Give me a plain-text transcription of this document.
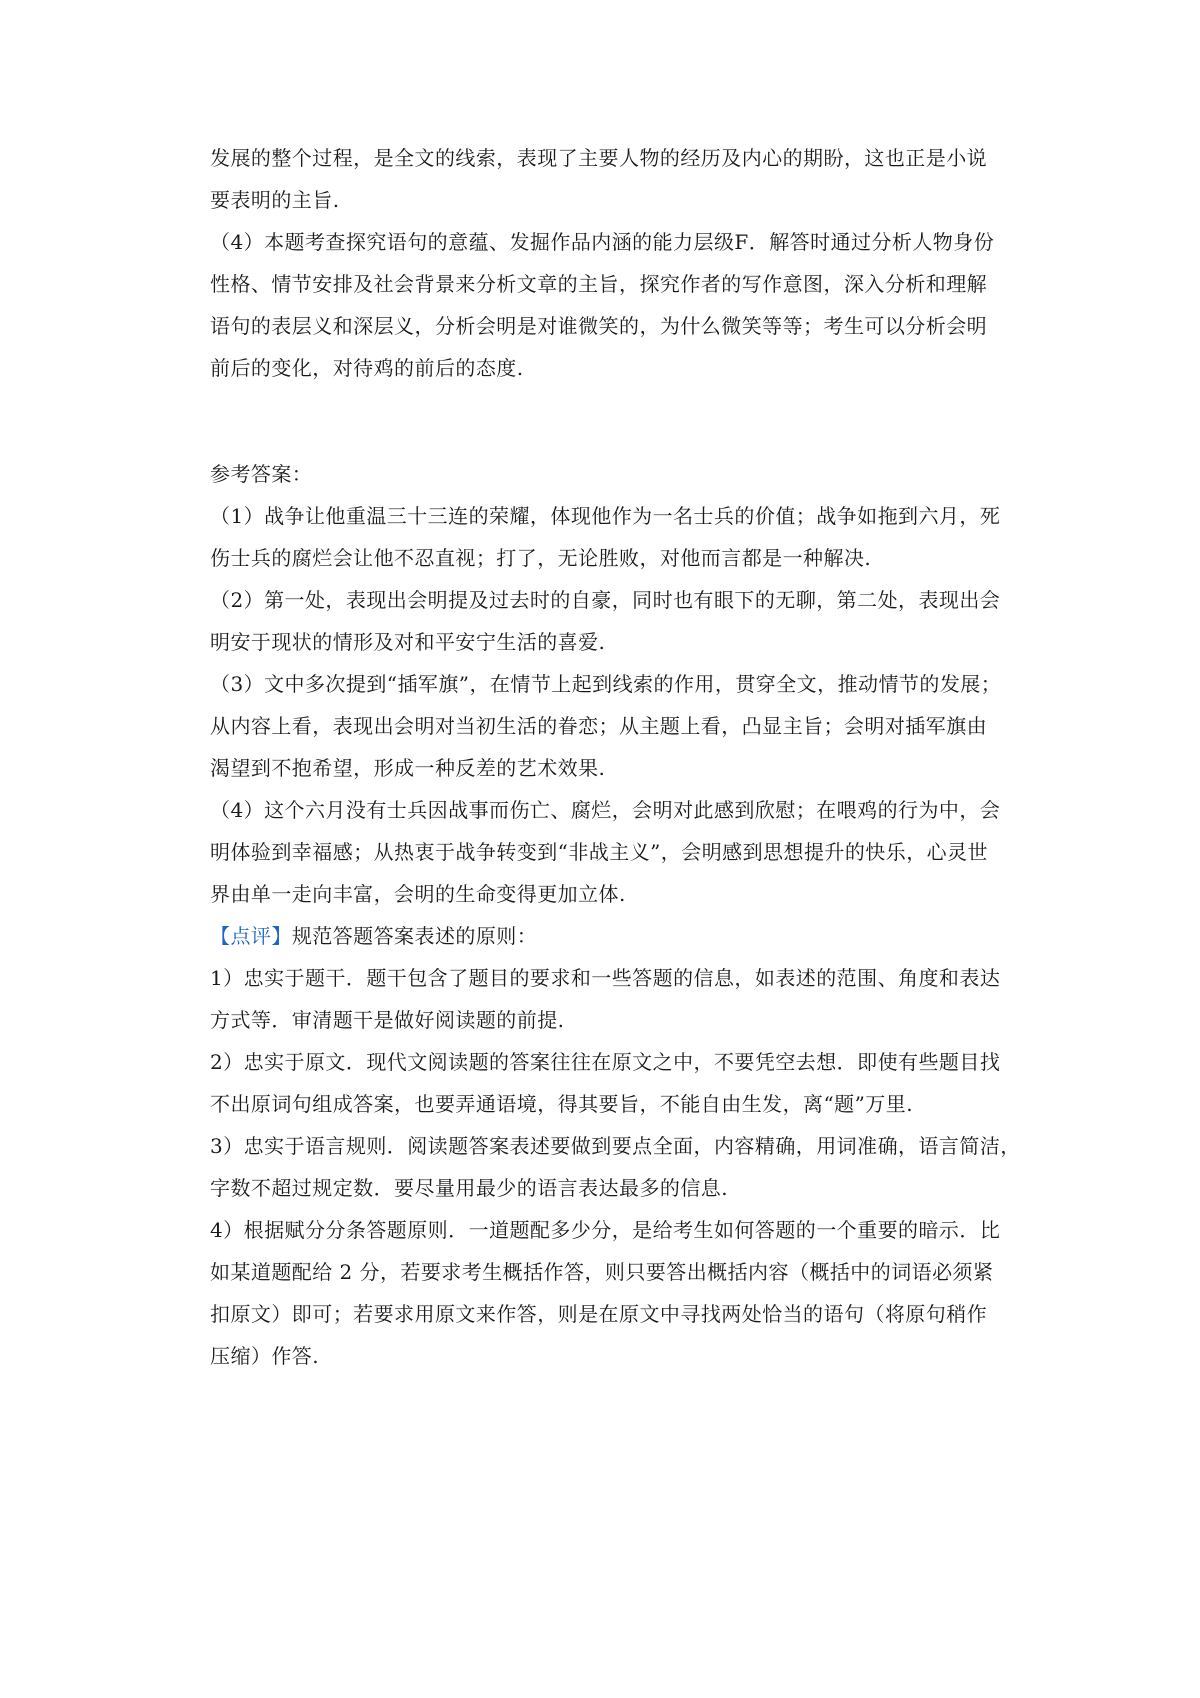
发展的整个过程，是全文的线索，表现了主要人物的经历及内心的期盼，这也正是小说
要表明的主旨.
（4）本题考查探究语句的意蕴、发掘作品内涵的能力层级F．解答时通过分析人物身份
性格、情节安排及社会背景来分析文章的主旨，探究作者的写作意图，深入分析和理解
语句的表层义和深层义，分析会明是对谁微笑的，为什么微笑等等；考生可以分析会明
前后的变化，对待鸡的前后的态度.
参考答案：
（1）战争让他重温三十三连的荣耀，体现他作为一名士兵的价值；战争如拖到六月，死
伤士兵的腐烂会让他不忍直视；打了，无论胜败，对他而言都是一种解决.
（2）第一处，表现出会明提及过去时的自豪，同时也有眼下的无聊，第二处，表现出会
明安于现状的情形及对和平安宁生活的喜爱.
（3）文中多次提到“插军旗”，在情节上起到线索的作用，贯穿全文，推动情节的发展；
从内容上看，表现出会明对当初生活的眷恋；从主题上看，凸显主旨；会明对插军旗由
渴望到不抱希望，形成一种反差的艺术效果.
（4）这个六月没有士兵因战事而伤亡、腐烂，会明对此感到欣慰；在喂鸡的行为中，会
明体验到幸福感；从热衷于战争转变到“非战主义”，会明感到思想提升的快乐，心灵世
界由单一走向丰富，会明的生命变得更加立体.
【点评】规范答题答案表述的原则：
1）忠实于题干．题干包含了题目的要求和一些答题的信息，如表述的范围、角度和表达
方式等．审清题干是做好阅读题的前提.
2）忠实于原文．现代文阅读题的答案往往在原文之中，不要凭空去想．即使有些题目找
不出原词句组成答案，也要弄通语境，得其要旨，不能自由生发，离“题”万里.
3）忠实于语言规则．阅读题答案表述要做到要点全面，内容精确，用词准确，语言简洁，
字数不超过规定数．要尽量用最少的语言表达最多的信息.
4）根据赋分分条答题原则．一道题配多少分，是给考生如何答题的一个重要的暗示．比
如某道题配给 2 分，若要求考生概括作答，则只要答出概括内容（概括中的词语必须紧
扣原文）即可；若要求用原文来作答，则是在原文中寻找两处恰当的语句（将原句稍作
压缩）作答.
